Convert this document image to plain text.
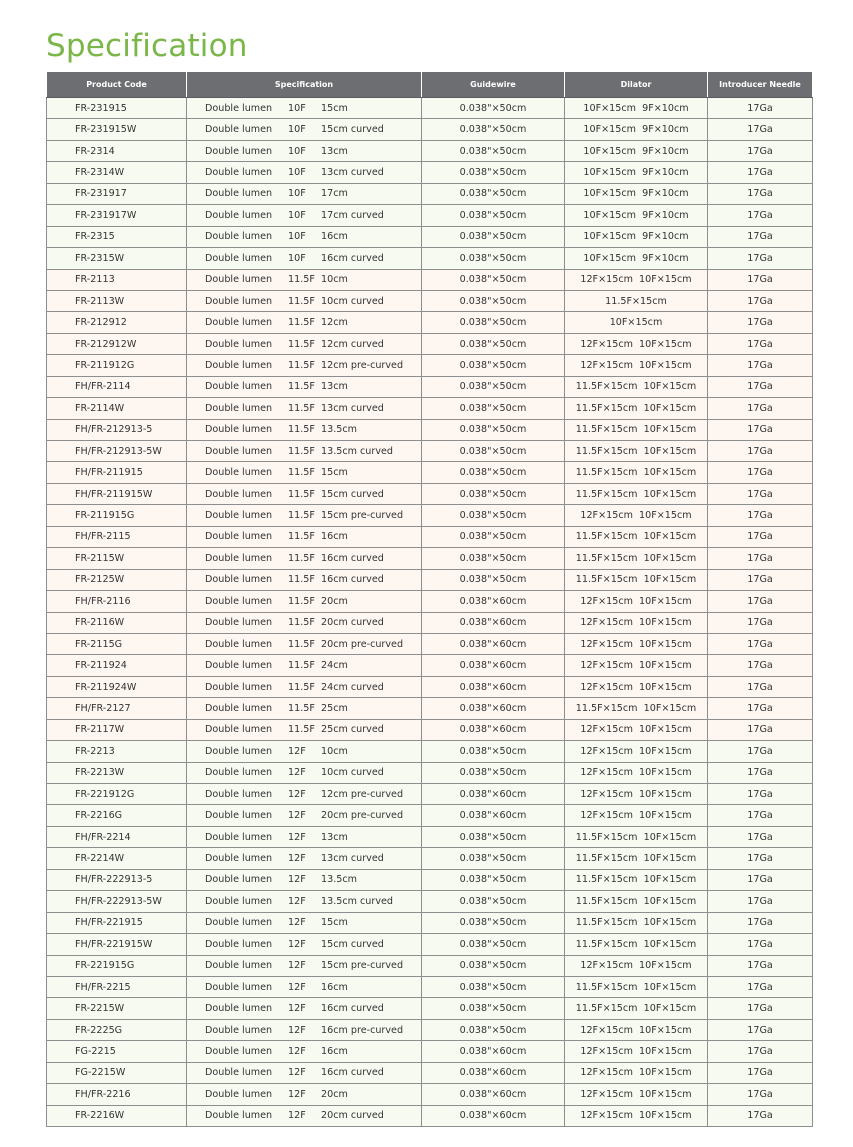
Specification
Product Code	Specification	Guidewire	Dilator	Introducer Needle
FR-231915	Double lumen 10F 15cm	0.038"×50cm	10F×15cm  9F×10cm	17Ga
FR-231915W	Double lumen 10F 15cm curved	0.038"×50cm	10F×15cm  9F×10cm	17Ga
FR-2314	Double lumen 10F 13cm	0.038"×50cm	10F×15cm  9F×10cm	17Ga
FR-2314W	Double lumen 10F 13cm curved	0.038"×50cm	10F×15cm  9F×10cm	17Ga
FR-231917	Double lumen 10F 17cm	0.038"×50cm	10F×15cm  9F×10cm	17Ga
FR-231917W	Double lumen 10F 17cm curved	0.038"×50cm	10F×15cm  9F×10cm	17Ga
FR-2315	Double lumen 10F 16cm	0.038"×50cm	10F×15cm  9F×10cm	17Ga
FR-2315W	Double lumen 10F 16cm curved	0.038"×50cm	10F×15cm  9F×10cm	17Ga
FR-2113	Double lumen 11.5F 10cm	0.038"×50cm	12F×15cm  10F×15cm	17Ga
FR-2113W	Double lumen 11.5F 10cm curved	0.038"×50cm	11.5F×15cm	17Ga
FR-212912	Double lumen 11.5F 12cm	0.038"×50cm	10F×15cm	17Ga
FR-212912W	Double lumen 11.5F 12cm curved	0.038"×50cm	12F×15cm  10F×15cm	17Ga
FR-211912G	Double lumen 11.5F 12cm pre-curved	0.038"×50cm	12F×15cm  10F×15cm	17Ga
FH/FR-2114	Double lumen 11.5F 13cm	0.038"×50cm	11.5F×15cm  10F×15cm	17Ga
FR-2114W	Double lumen 11.5F 13cm curved	0.038"×50cm	11.5F×15cm  10F×15cm	17Ga
FH/FR-212913-5	Double lumen 11.5F 13.5cm	0.038"×50cm	11.5F×15cm  10F×15cm	17Ga
FH/FR-212913-5W	Double lumen 11.5F 13.5cm curved	0.038"×50cm	11.5F×15cm  10F×15cm	17Ga
FH/FR-211915	Double lumen 11.5F 15cm	0.038"×50cm	11.5F×15cm  10F×15cm	17Ga
FH/FR-211915W	Double lumen 11.5F 15cm curved	0.038"×50cm	11.5F×15cm  10F×15cm	17Ga
FR-211915G	Double lumen 11.5F 15cm pre-curved	0.038"×50cm	12F×15cm  10F×15cm	17Ga
FH/FR-2115	Double lumen 11.5F 16cm	0.038"×50cm	11.5F×15cm  10F×15cm	17Ga
FR-2115W	Double lumen 11.5F 16cm curved	0.038"×50cm	11.5F×15cm  10F×15cm	17Ga
FR-2125W	Double lumen 11.5F 16cm curved	0.038"×50cm	11.5F×15cm  10F×15cm	17Ga
FH/FR-2116	Double lumen 11.5F 20cm	0.038"×60cm	12F×15cm  10F×15cm	17Ga
FR-2116W	Double lumen 11.5F 20cm curved	0.038"×60cm	12F×15cm  10F×15cm	17Ga
FR-2115G	Double lumen 11.5F 20cm pre-curved	0.038"×60cm	12F×15cm  10F×15cm	17Ga
FR-211924	Double lumen 11.5F 24cm	0.038"×60cm	12F×15cm  10F×15cm	17Ga
FR-211924W	Double lumen 11.5F 24cm curved	0.038"×60cm	12F×15cm  10F×15cm	17Ga
FH/FR-2127	Double lumen 11.5F 25cm	0.038"×60cm	11.5F×15cm  10F×15cm	17Ga
FR-2117W	Double lumen 11.5F 25cm curved	0.038"×60cm	12F×15cm  10F×15cm	17Ga
FR-2213	Double lumen 12F 10cm	0.038"×50cm	12F×15cm  10F×15cm	17Ga
FR-2213W	Double lumen 12F 10cm curved	0.038"×50cm	12F×15cm  10F×15cm	17Ga
FR-221912G	Double lumen 12F 12cm pre-curved	0.038"×60cm	12F×15cm  10F×15cm	17Ga
FR-2216G	Double lumen 12F 20cm pre-curved	0.038"×60cm	12F×15cm  10F×15cm	17Ga
FH/FR-2214	Double lumen 12F 13cm	0.038"×50cm	11.5F×15cm  10F×15cm	17Ga
FR-2214W	Double lumen 12F 13cm curved	0.038"×50cm	11.5F×15cm  10F×15cm	17Ga
FH/FR-222913-5	Double lumen 12F 13.5cm	0.038"×50cm	11.5F×15cm  10F×15cm	17Ga
FH/FR-222913-5W	Double lumen 12F 13.5cm curved	0.038"×50cm	11.5F×15cm  10F×15cm	17Ga
FH/FR-221915	Double lumen 12F 15cm	0.038"×50cm	11.5F×15cm  10F×15cm	17Ga
FH/FR-221915W	Double lumen 12F 15cm curved	0.038"×50cm	11.5F×15cm  10F×15cm	17Ga
FR-221915G	Double lumen 12F 15cm pre-curved	0.038"×50cm	12F×15cm  10F×15cm	17Ga
FH/FR-2215	Double lumen 12F 16cm	0.038"×50cm	11.5F×15cm  10F×15cm	17Ga
FR-2215W	Double lumen 12F 16cm curved	0.038"×50cm	11.5F×15cm  10F×15cm	17Ga
FR-2225G	Double lumen 12F 16cm pre-curved	0.038"×50cm	12F×15cm  10F×15cm	17Ga
FG-2215	Double lumen 12F 16cm	0.038"×60cm	12F×15cm  10F×15cm	17Ga
FG-2215W	Double lumen 12F 16cm curved	0.038"×60cm	12F×15cm  10F×15cm	17Ga
FH/FR-2216	Double lumen 12F 20cm	0.038"×60cm	12F×15cm  10F×15cm	17Ga
FR-2216W	Double lumen 12F 20cm curved	0.038"×60cm	12F×15cm  10F×15cm	17Ga
